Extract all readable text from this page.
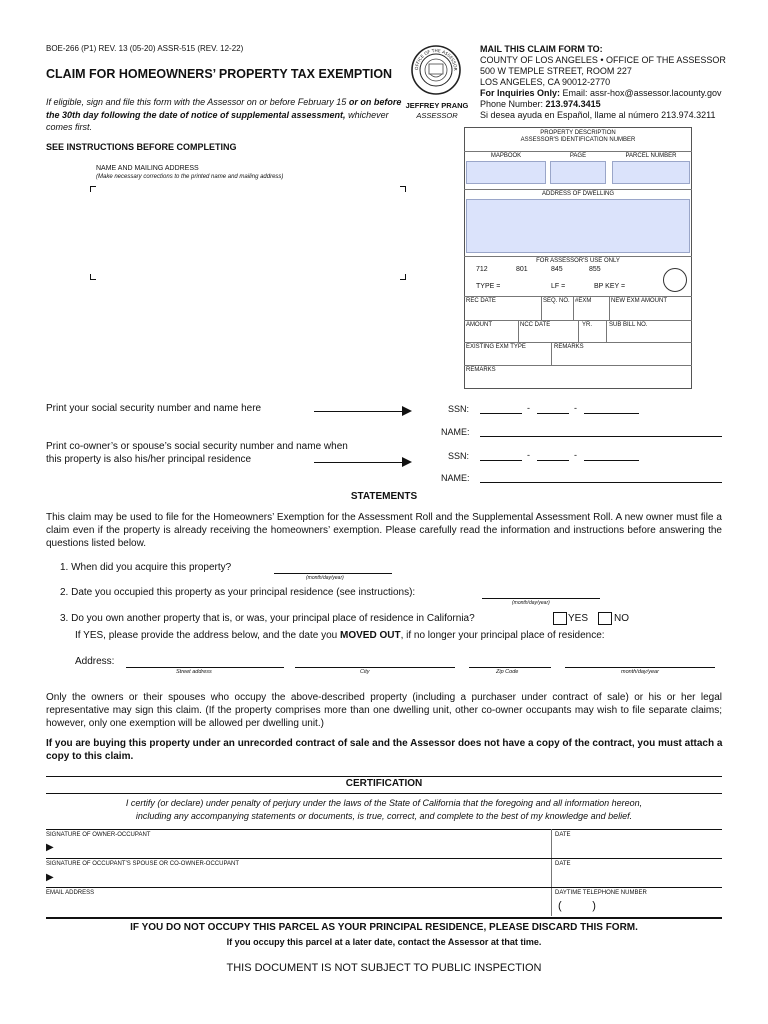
BOE-266 (P1) REV. 13 (05-20) ASSR-515 (REV. 12-22)
CLAIM FOR HOMEOWNERS’ PROPERTY TAX EXEMPTION
If eligible, sign and file this form with the Assessor on or before February 15 or on before the 30th day following the date of notice of supplemental assessment, whichever comes first.
SEE INSTRUCTIONS BEFORE COMPLETING
OFFICE OF THE ASSESSOR
JEFFREY PRANG
ASSESSOR
MAIL THIS CLAIM FORM TO:
COUNTY OF LOS ANGELES • OFFICE OF THE ASSESSOR
500 W TEMPLE STREET, ROOM 227
LOS ANGELES, CA 90012-2770
For Inquiries Only: Email: assr-hox@assessor.lacounty.gov
Phone Number: 213.974.3415
Si desea ayuda en Español, llame al número 213.974.3211
NAME AND MAILING ADDRESS
(Make necessary corrections to the printed name and mailing address)
PROPERTY DESCRIPTION
ASSESSOR'S IDENTIFICATION NUMBER
MAPBOOK	PAGE	PARCEL NUMBER
ADDRESS OF DWELLING
FOR ASSESSOR'S USE ONLY
712	801	845	855
TYPE =	LF =	BP KEY =
REC DATE	SEQ. NO. #EXM	NEW EXM AMOUNT
AMOUNT	NCC DATE	YR.	SUB BILL NO.
EXISTING EXM TYPE	REMARKS
REMARKS
Print your social security number and name here	SSN:	-	-
NAME:
Print co-owner’s or spouse’s social security number and name when
this property is also his/her principal residence	SSN:	-	-
NAME:
STATEMENTS
This claim may be used to file for the Homeowners’ Exemption for the Assessment Roll and the Supplemental Assessment Roll. A new owner must file a claim even if the property is already receiving the homeowners’ exemption. Please carefully read the information and instructions before answering the questions listed below.
1. When did you acquire this property?
(month/day/year)
2. Date you occupied this property as your principal residence (see instructions):
(month/day/year)
3. Do you own another property that is, or was, your principal place of residence in California?	YES	NO
If YES, please provide the address below, and the date you MOVED OUT, if no longer your principal place of residence:
Address:
Street address	City	Zip Code	month/day/year
Only the owners or their spouses who occupy the above-described property (including a purchaser under contract of sale) or his or her legal representative may sign this claim. (If the property comprises more than one dwelling unit, other co-owner occupants may wish to file separate claims; however, only one exemption will be allowed per dwelling unit.)
If you are buying this property under an unrecorded contract of sale and the Assessor does not have a copy of the contract, you must attach a copy to this claim.
CERTIFICATION
I certify (or declare) under penalty of perjury under the laws of the State of California that the foregoing and all information hereon,
including any accompanying statements or documents, is true, correct, and complete to the best of my knowledge and belief.
SIGNATURE OF OWNER-OCCUPANT
▶
DATE
SIGNATURE OF OCCUPANT’S SPOUSE OR CO-OWNER-OCCUPANT
▶
DATE
EMAIL ADDRESS	DAYTIME TELEPHONE NUMBER
(          )
IF YOU DO NOT OCCUPY THIS PARCEL AS YOUR PRINCIPAL RESIDENCE, PLEASE DISCARD THIS FORM.
If you occupy this parcel at a later date, contact the Assessor at that time.
THIS DOCUMENT IS NOT SUBJECT TO PUBLIC INSPECTION
